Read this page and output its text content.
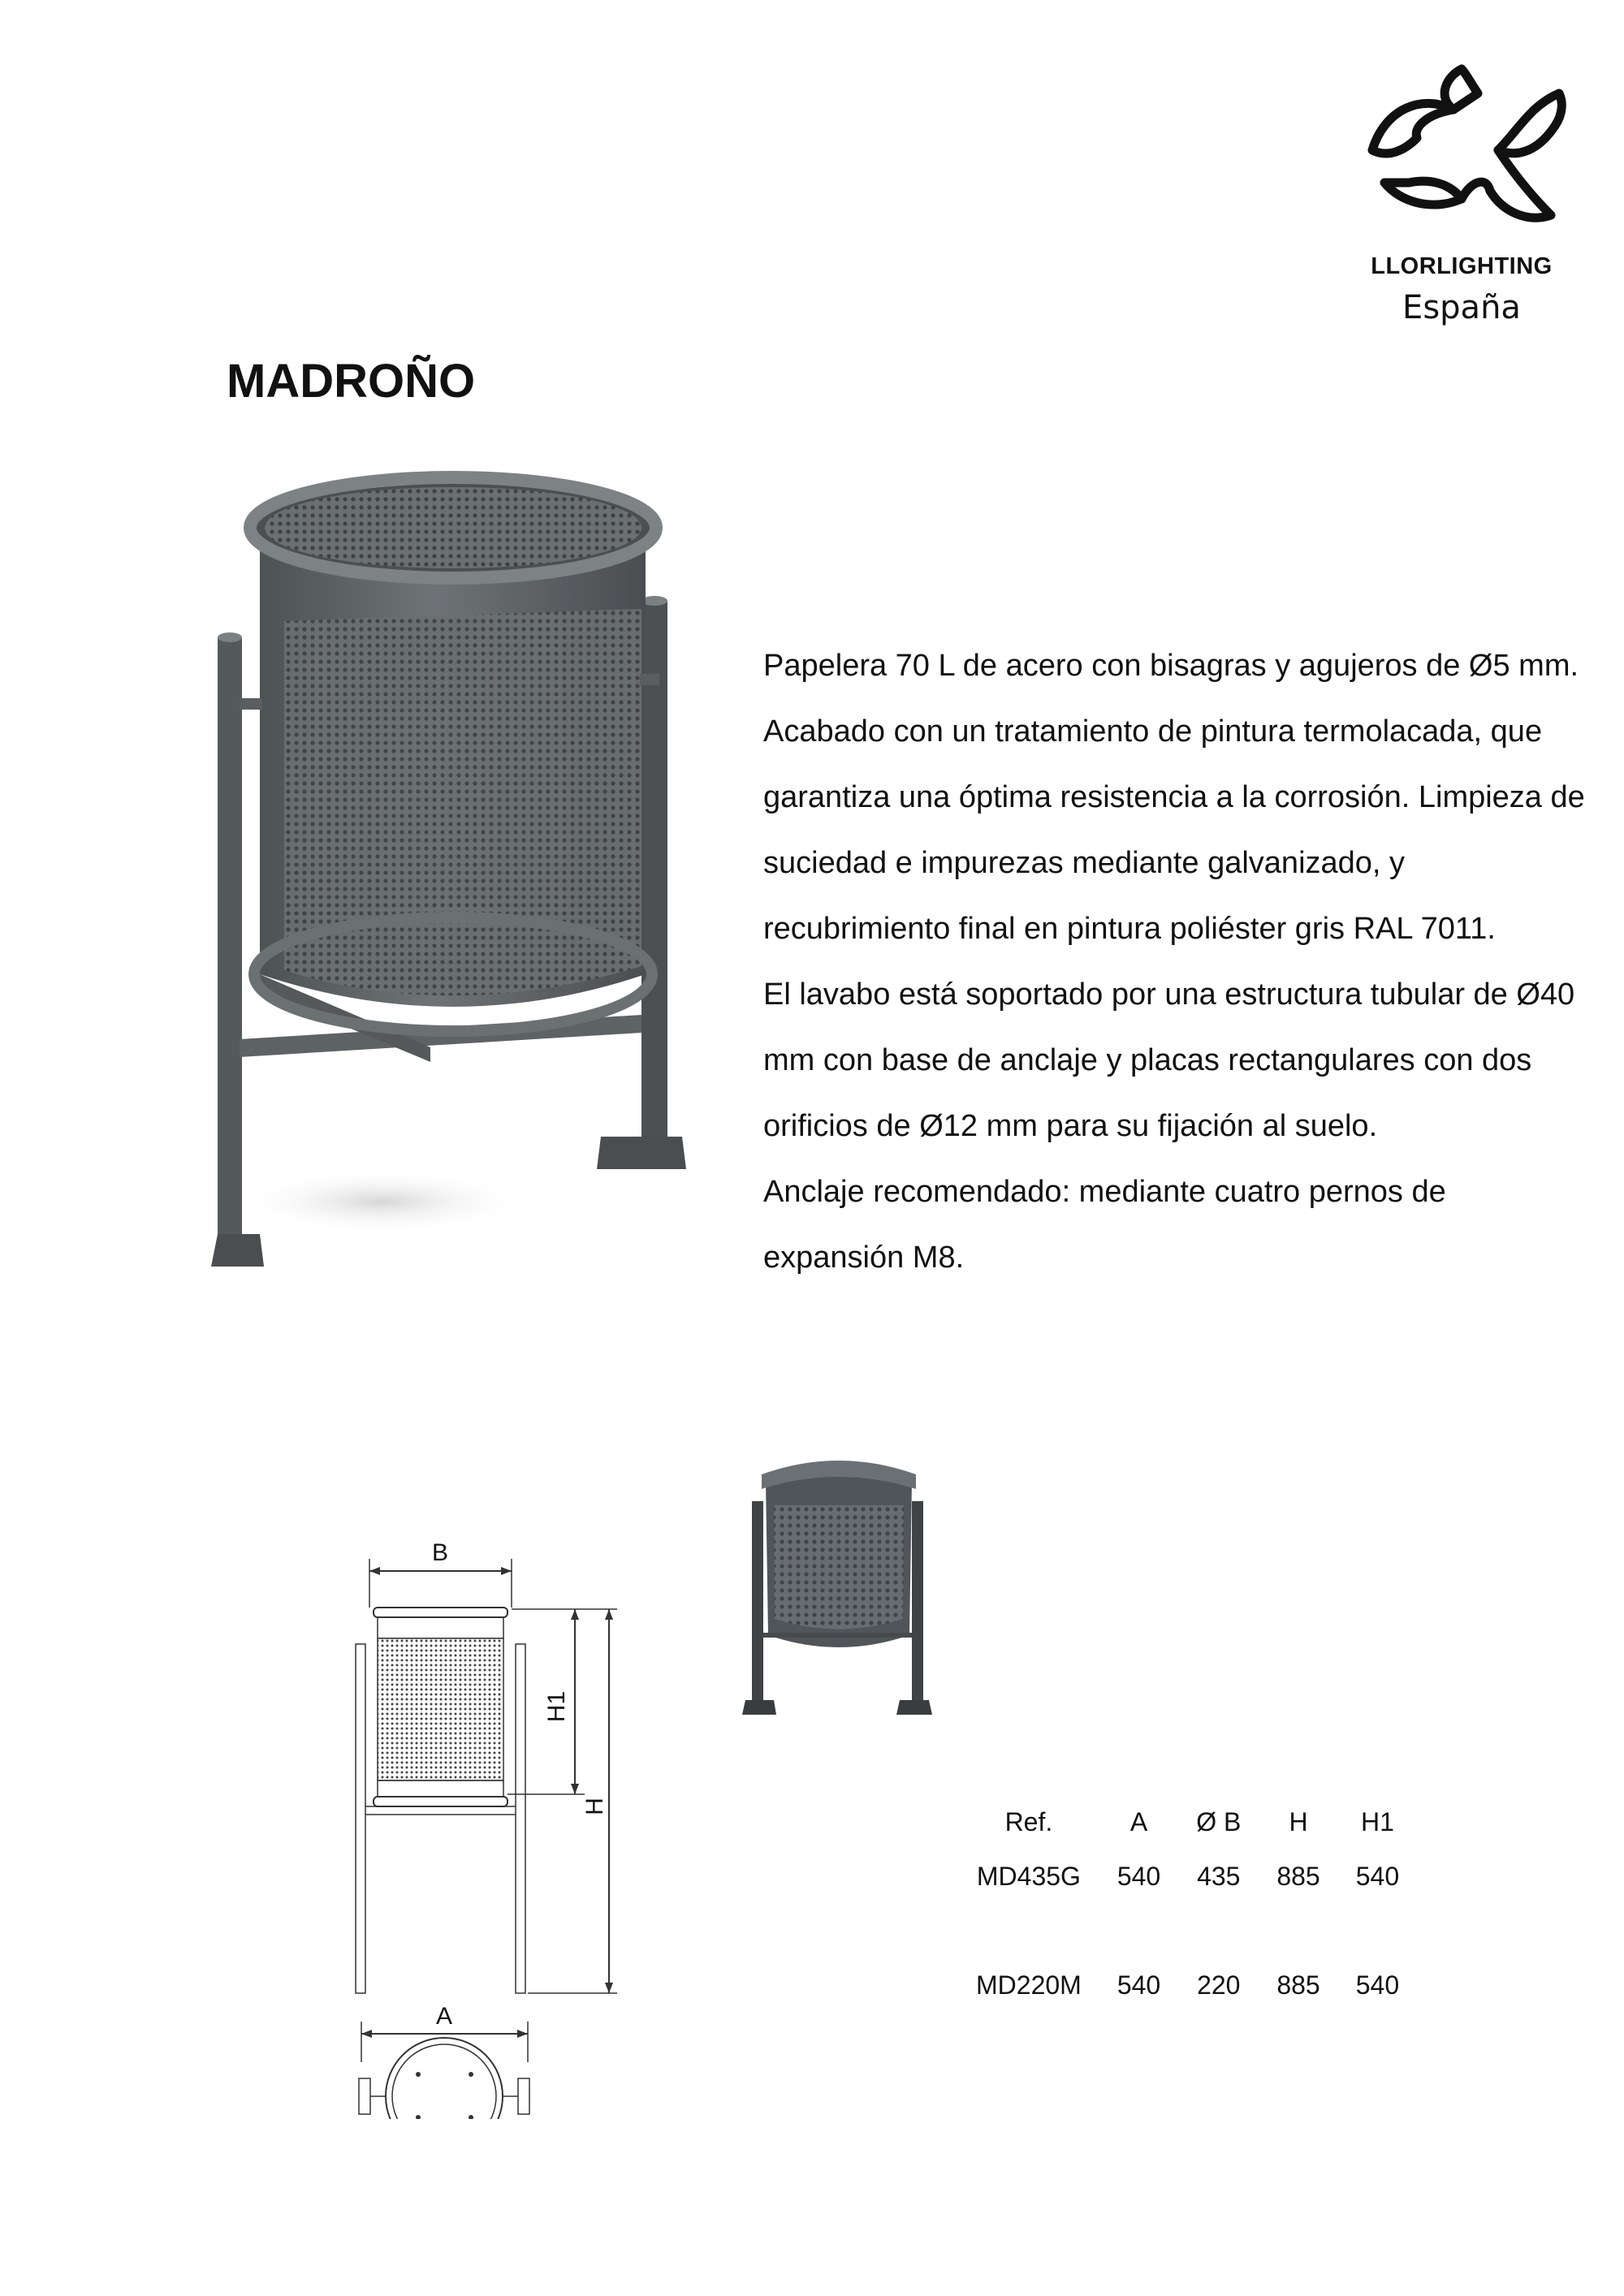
LLORLIGHTING
España
MADROÑO

Papelera 70 L de acero con bisagras y agujeros de Ø5 mm. Acabado con un tratamiento de pintura termolacada, que garantiza una óptima resistencia a la corrosión. Limpieza de suciedad e impurezas mediante galvanizado, y recubrimiento final en pintura poliéster gris RAL 7011.

El lavabo está soportado por una estructura tubular de Ø40 mm con base de anclaje y placas rectangulares con dos orificios de Ø12 mm para su fijación al suelo.

Anclaje recomendado: mediante cuatro pernos de expansión M8.

B
H1
H
A
Ref.	A	Ø B	H	H1
MD435G	540	435	885	540

MD220M	540	220	885	540
